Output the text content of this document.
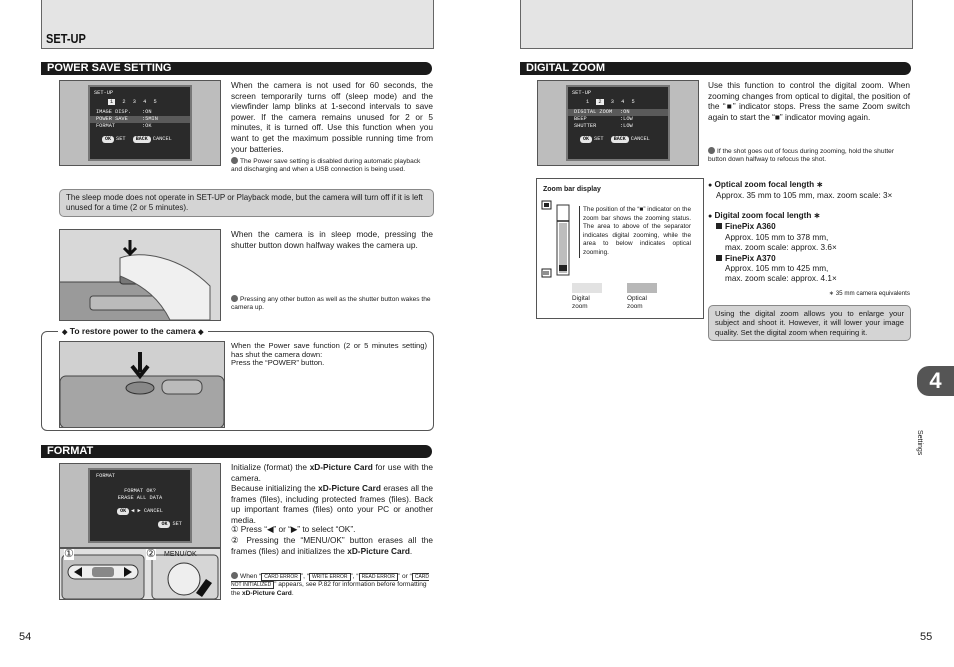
SET-UP
POWER SAVE SETTING
SET-UP
1 2 3 4 5
IMAGE DISP. :ON
POWER SAVE	:5MIN
FORMAT	:OK
OK SET BACK CANCEL
When the camera is not used for 60 seconds, the screen temporarily turns off (sleep mode) and the viewfinder lamp blinks at 1-second intervals to save power. If the camera remains unused for 2 or 5 minutes, it is turned off. Use this function when you want to get the maximum possible running time from your batteries.
The Power save setting is disabled during automatic playback and discharging and when a USB connection is being used.
The sleep mode does not operate in SET-UP or Playback mode, but the camera will turn off if it is left unused for a time (2 or 5 minutes).
When the camera is in sleep mode, pressing the shutter button down halfway wakes the camera up.
Pressing any other button as well as the shutter button wakes the camera up.
◆ To restore power to the camera ◆
When the Power save function (2 or 5 minutes setting) has shut the camera down:
Press the “POWER” button.
FORMAT
FORMAT
FORMAT OK?
ERASE ALL DATA
OK ◀ ▶ CANCEL
OK SET
①	② MENU/OK
Initialize (format) the xD-Picture Card for use with the camera.
Because initializing the xD-Picture Card erases all the frames (files), including protected frames (files). Back up important frames (files) onto your PC or another media.
① Press “◀” or “▶” to select “OK”.
② Pressing the “MENU/OK” button erases all the frames (files) and initializes the xD-Picture Card.
When “ CARD ERROR ”, “ WRITE ERROR ”, “ READ ERROR ” or “ CARD NOT INITIALIZED ” appears, see P.82 for information before formatting the xD-Picture Card.
54
DIGITAL ZOOM
SET-UP
1 2 3 4 5
DIGITAL ZOOM :ON
BEEP	:LOW
SHUTTER	:LOW
OK SET BACK CANCEL
Use this function to control the digital zoom. When zooming changes from optical to digital, the position of the “■” indicator stops. Press the same Zoom switch again to start the “■” indicator moving again.
If the shot goes out of focus during zooming, hold the shutter button down halfway to refocus the shot.
Zoom bar display
The position of the “■” indicator on the zoom bar shows the zooming status. The area to above of the separator indicates digital zooming, while the area to below indicates optical zooming.
Digital zoom
Optical zoom
● Optical zoom focal length ∗
Approx. 35 mm to 105 mm, max. zoom scale: 3×
● Digital zoom focal length ∗
FinePix A360
Approx. 105 mm to 378 mm,
max. zoom scale: approx. 3.6×
FinePix A370
Approx. 105 mm to 425 mm,
max. zoom scale: approx. 4.1×
∗ 35 mm camera equivalents
Using the digital zoom allows you to enlarge your subject and shoot it. However, it will lower your image quality. Set the digital zoom when requiring it.
4
Settings
55
